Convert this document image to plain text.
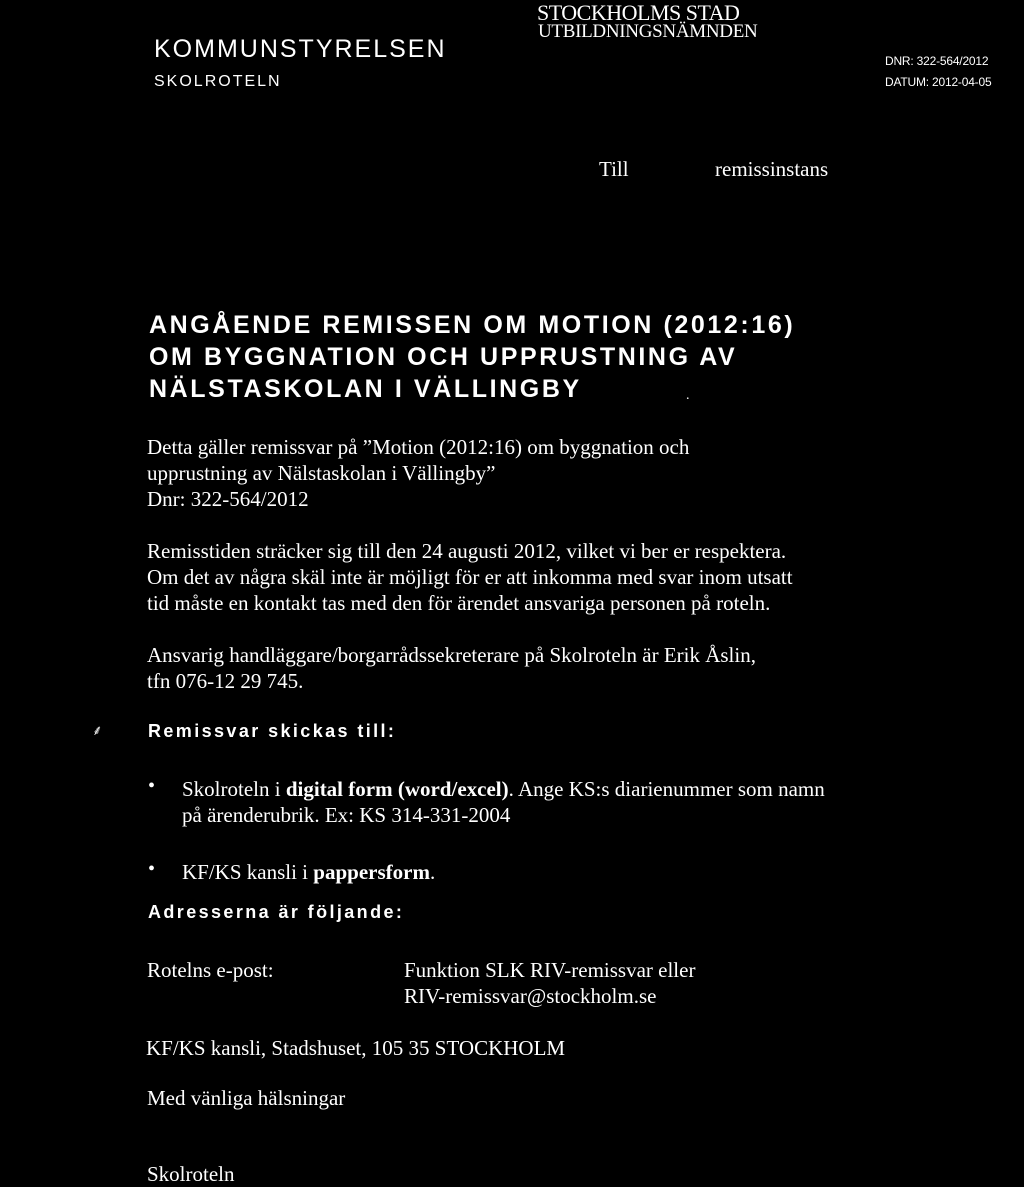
STOCKHOLMS STAD
UTBILDNINGSNÄMNDEN
KOMMUNSTYRELSEN
SKOLROTELN
DNR: 322-564/2012
DATUM: 2012-04-05
Till	remissinstans
ANGÅENDE REMISSEN OM MOTION (2012:16)
OM BYGGNATION OCH UPPRUSTNING AV
NÄLSTASKOLAN I VÄLLINGBY	.
Detta gäller remissvar på ”Motion (2012:16) om byggnation och
upprustning av Nälstaskolan i Vällingby”
Dnr: 322-564/2012
Remisstiden sträcker sig till den 24 augusti 2012, vilket vi ber er respektera.
Om det av några skäl inte är möjligt för er att inkomma med svar inom utsatt
tid måste en kontakt tas med den för ärendet ansvariga personen på roteln.
Ansvarig handläggare/borgarrådssekreterare på Skolroteln är Erik Åslin,
tfn 076-12 29 745.
⸙	Remissvar skickas till:
• Skolroteln i digital form (word/excel). Ange KS:s diarienummer som namn
på ärenderubrik. Ex: KS 314-331-2004
• KF/KS kansli i pappersform.
Adresserna är följande:
Rotelns e-post:	Funktion SLK RIV-remissvar eller
RIV-remissvar@stockholm.se
KF/KS kansli, Stadshuset, 105 35 STOCKHOLM
Med vänliga hälsningar
Skolroteln
